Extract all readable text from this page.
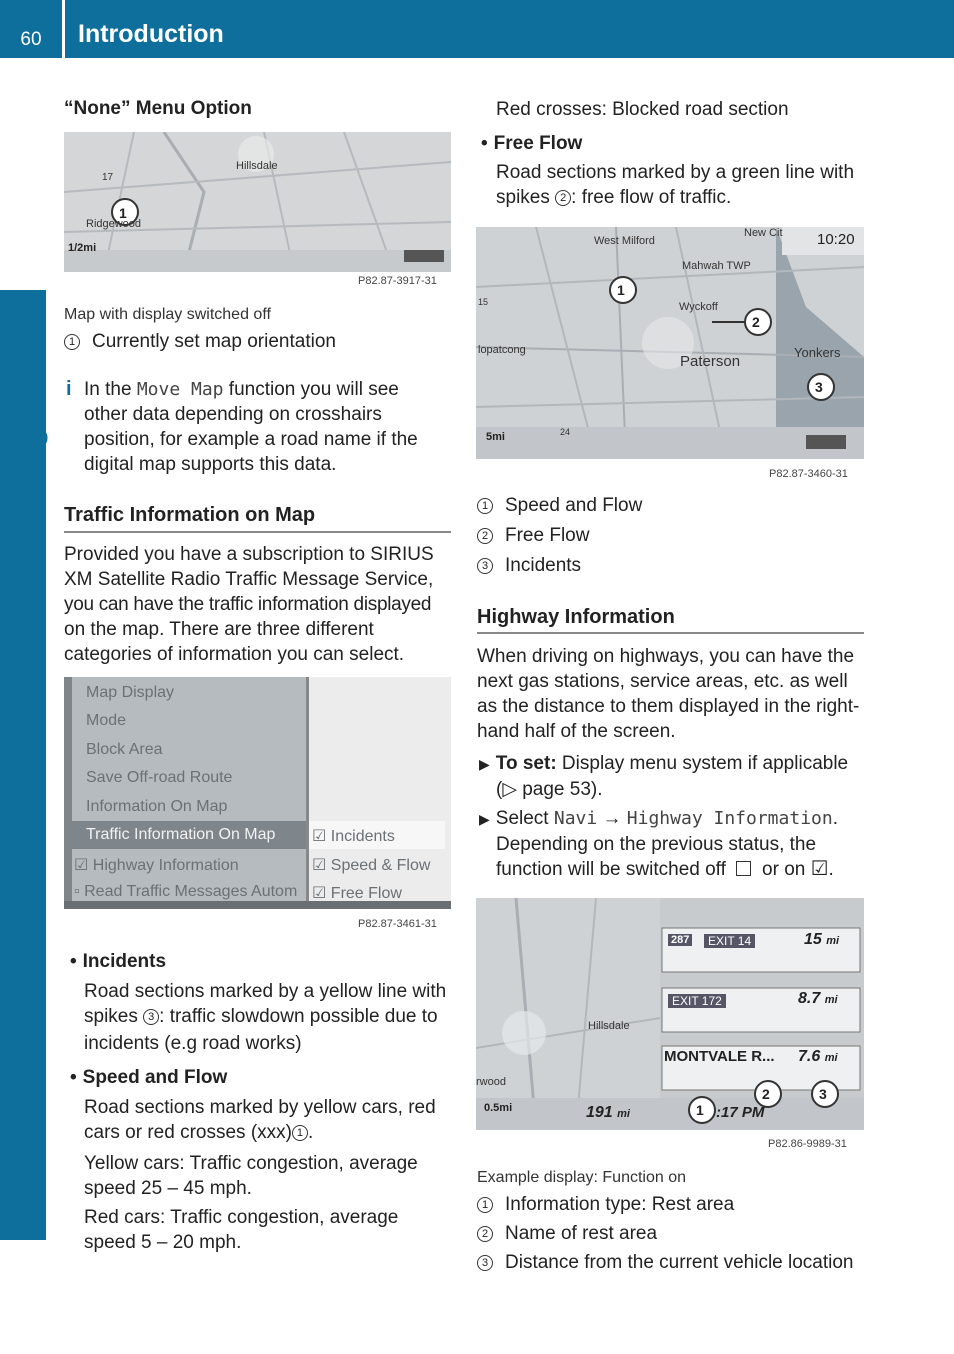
60	Introduction
Navigation
“None” Menu Option
Hillsdale
Ridgewood
17
1/2mi
1
P82.87-3917-31
Map with display switched off
1 Currently set map orientation
i In the Move Map function you will see
other data depending on crosshairs
position, for example a road name if the
digital map supports this data.
Traffic Information on Map
Provided you have a subscription to SIRIUS
XM Satellite Radio Traffic Message Service,
you can have the traffic information displayed
on the map. There are three different
categories of information you can select.
Map Display
Mode
Block Area
Save Off-road Route
Information On Map
Traffic Information On Map
☑ Highway Information
▫ Read Traffic Messages Autom
☑ Incidents
☑ Speed & Flow
☑ Free Flow
P82.87-3461-31
• Incidents
Road sections marked by a yellow line with
spikes 3 : traffic slowdown possible due to
incidents (e.g road works)
• Speed and Flow
Road sections marked by yellow cars, red
cars or red crosses (xxx) 1 .
Yellow cars: Traffic congestion, average
speed 25 – 45 mph.
Red cars: Traffic congestion, average
speed 5 – 20 mph.
Red crosses: Blocked road section
• Free Flow
Road sections marked by a green line with
spikes 2 : free flow of traffic.
10:20
West Milford
New Cit
Mahwah TWP
Wyckoff
lopatcong
Paterson
Yonkers
5mi
15
24
1
2
3
P82.87-3460-31
1 Speed and Flow
2 Free Flow
3 Incidents
Highway Information
When driving on highways, you can have the
next gas stations, service areas, etc. as well
as the distance to them displayed in the right-
hand half of the screen.
▶ To set: Display menu system if applicable
(▷ page 53).
▶ Select Navi → Highway Information.
Depending on the previous status, the
function will be switched off or on ☑.
287	EXIT 14	15 mi
EXIT 172	8.7 mi
MONTVALE R... 7.6 mi
0.5mi	191 mi	:17 PM
Hillsdale
rwood
1
2	3
P82.86-9989-31
Example display: Function on
1 Information type: Rest area
2 Name of rest area
3 Distance from the current vehicle location
